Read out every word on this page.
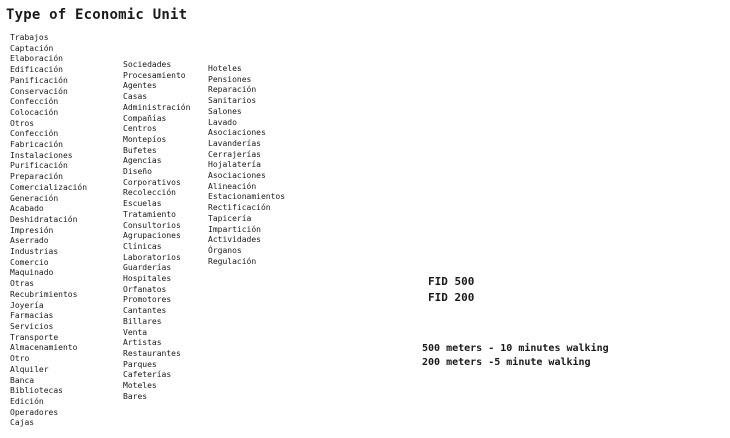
Type of Economic Unit
Trabajos
Captación
Elaboración
Edificación
Panificación
Conservación
Confección
Colocación
Otros
Confección
Fabricación
Instalaciones
Purificación
Preparación
Comercialización
Generación
Acabado
Deshidratación
Impresión
Aserrado
Industrias
Comercio
Maquinado
Otras
Recubrimientos
Joyería
Farmacias
Servicios
Transporte
Almacenamiento
Otro
Alquiler
Banca
Bibliotecas
Edición
Operadores
Cajas
Sociedades
Procesamiento
Agentes
Casas
Administración
Compañías
Centros
Montepíos
Bufetes
Agencias
Diseño
Corporativos
Recolección
Escuelas
Tratamiento
Consultorios
Agrupaciones
Clínicas
Laboratorios
Guarderías
Hospitales
Orfanatos
Promotores
Cantantes
Billares
Venta
Artistas
Restaurantes
Parques
Cafeterías
Moteles
Bares
Hoteles
Pensiones
Reparación
Sanitarios
Salones
Lavado
Asociaciones
Lavanderías
Cerrajerías
Hojalatería
Asociaciones
Alineación
Estacionamientos
Rectificación
Tapicería
Impartición
Actividades
Órganos
Regulación
FID 500
FID 200
500 meters - 10 minutes walking
200 meters -5 minute walking
